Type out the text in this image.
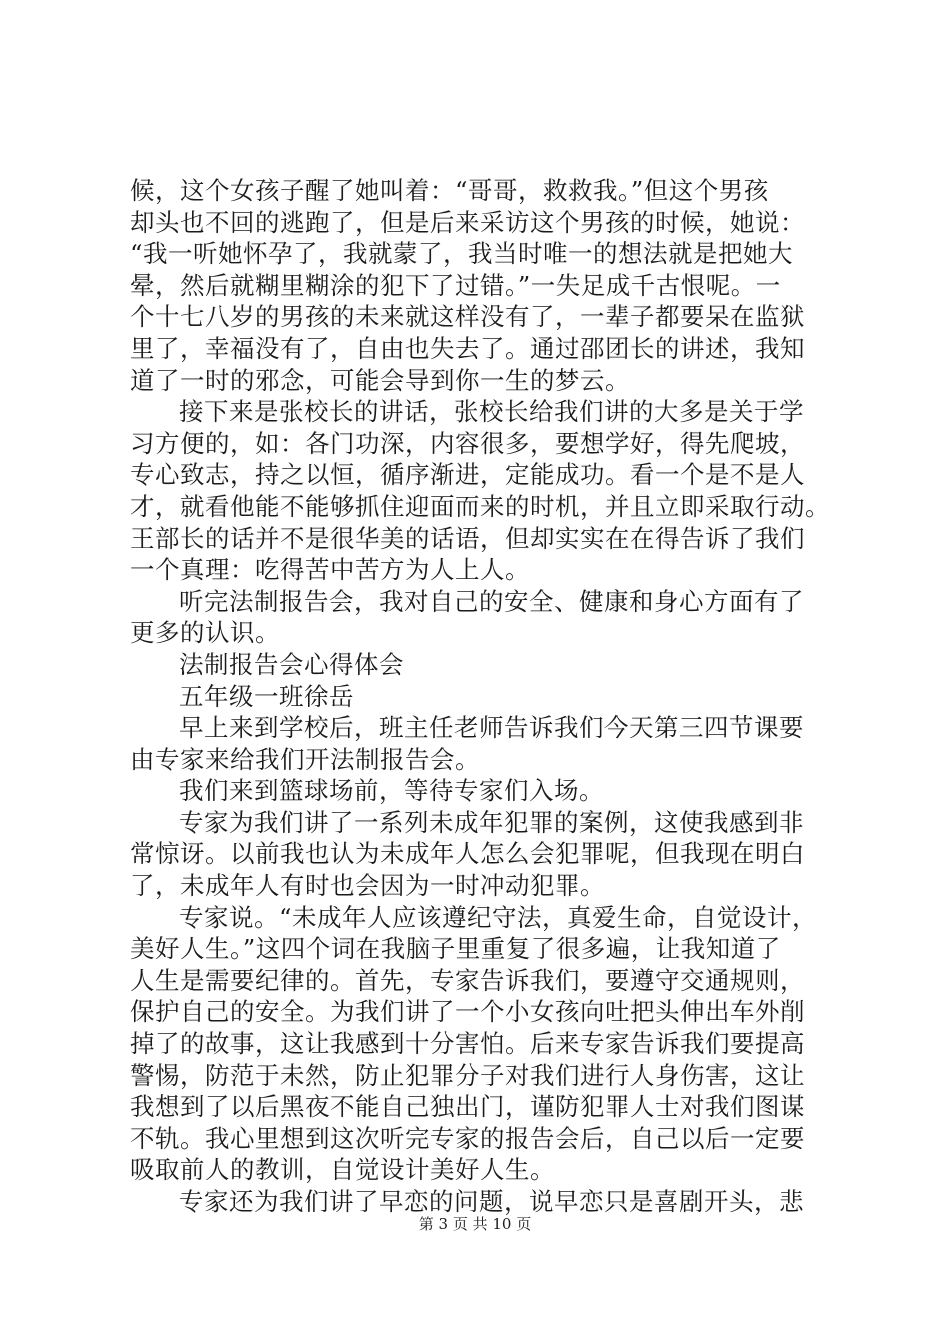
候，这个女孩子醒了她叫着：“哥哥，救救我。”但这个男孩
却头也不回的逃跑了，但是后来采访这个男孩的时候，她说：
“我一听她怀孕了，我就蒙了，我当时唯一的想法就是把她大
晕，然后就糊里糊涂的犯下了过错。”一失足成千古恨呢。一
个十七八岁的男孩的未来就这样没有了，一辈子都要呆在监狱
里了，幸福没有了，自由也失去了。通过邵团长的讲述，我知
道了一时的邪念，可能会导到你一生的梦云。
接下来是张校长的讲话，张校长给我们讲的大多是关于学
习方便的，如：各门功深，内容很多，要想学好，得先爬坡，
专心致志，持之以恒，循序渐进，定能成功。看一个是不是人
才，就看他能不能够抓住迎面而来的时机，并且立即采取行动。
王部长的话并不是很华美的话语，但却实实在在得告诉了我们
一个真理：吃得苦中苦方为人上人。
听完法制报告会，我对自己的安全、健康和身心方面有了
更多的认识。
法制报告会心得体会
五年级一班徐岳
早上来到学校后，班主任老师告诉我们今天第三四节课要
由专家来给我们开法制报告会。
我们来到篮球场前，等待专家们入场。
专家为我们讲了一系列未成年犯罪的案例，这使我感到非
常惊讶。以前我也认为未成年人怎么会犯罪呢，但我现在明白
了，未成年人有时也会因为一时冲动犯罪。
专家说。“未成年人应该遵纪守法，真爱生命，自觉设计，
美好人生。”这四个词在我脑子里重复了很多遍，让我知道了
人生是需要纪律的。首先，专家告诉我们，要遵守交通规则，
保护自己的安全。为我们讲了一个小女孩向吐把头伸出车外削
掉了的故事，这让我感到十分害怕。后来专家告诉我们要提高
警惕，防范于未然，防止犯罪分子对我们进行人身伤害，这让
我想到了以后黑夜不能自己独出门，谨防犯罪人士对我们图谋
不轨。我心里想到这次听完专家的报告会后，自己以后一定要
吸取前人的教训，自觉设计美好人生。
专家还为我们讲了早恋的问题，说早恋只是喜剧开头，悲
第 3 页 共 10 页
